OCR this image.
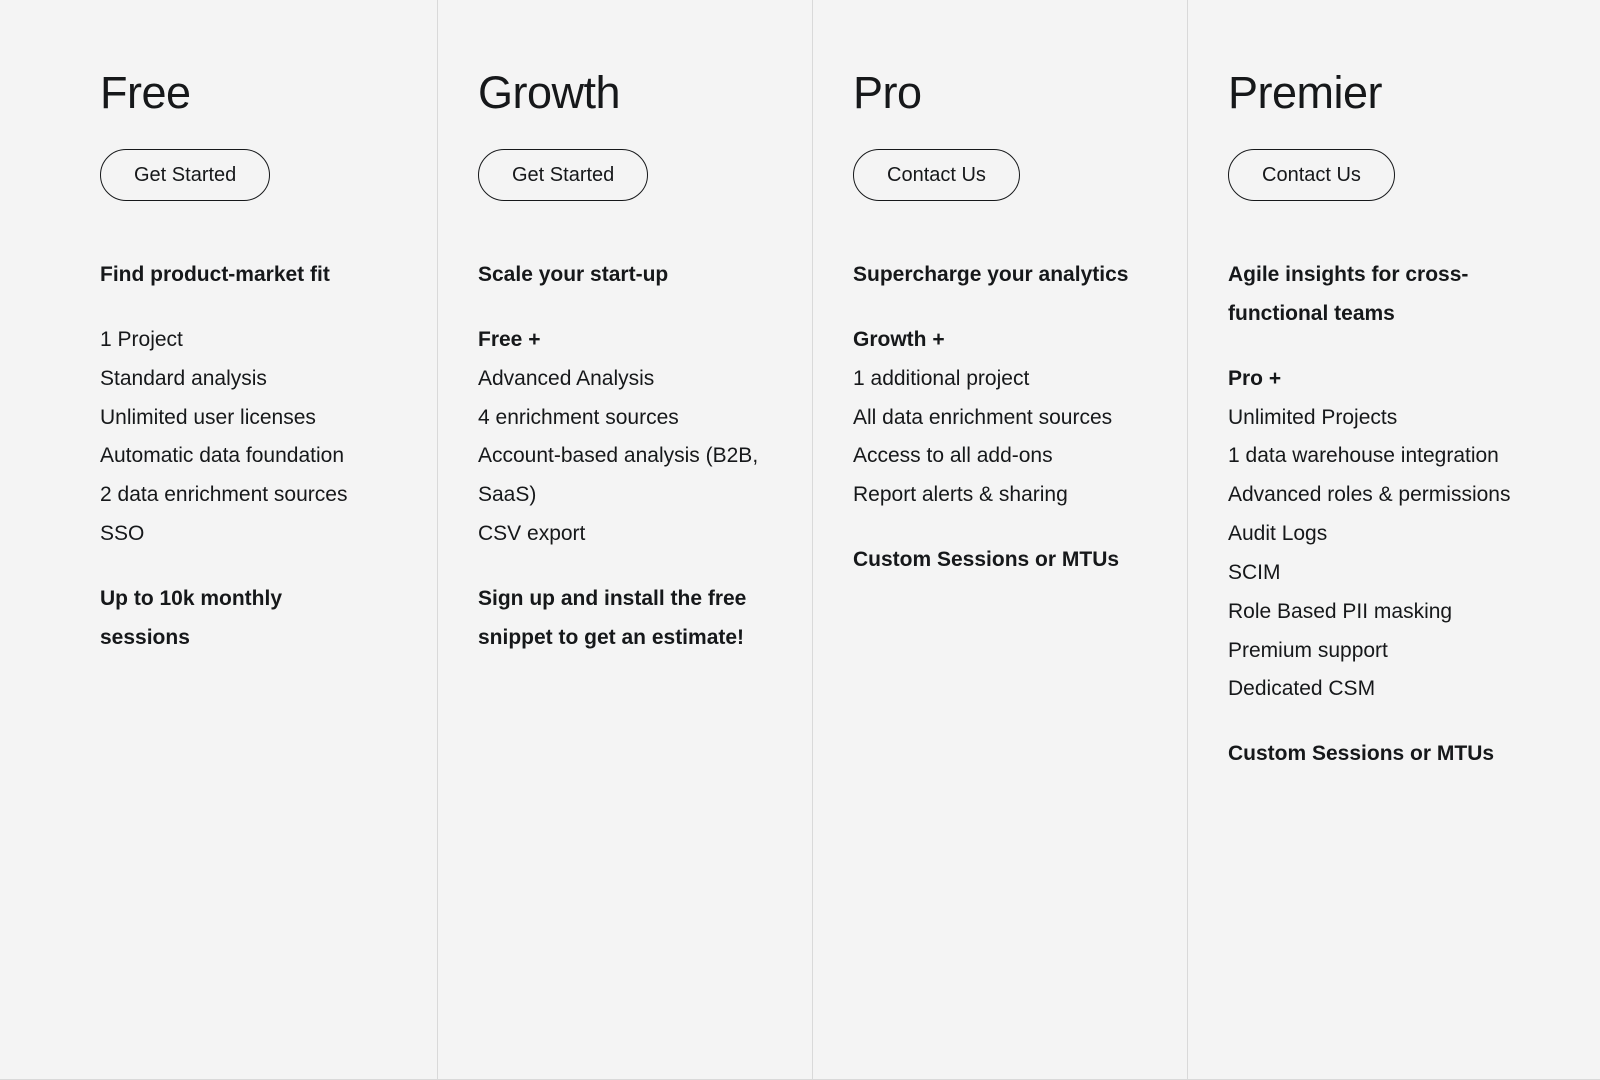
Free
Get Started
Find product-market fit
1 Project
Standard analysis
Unlimited user licenses
Automatic data foundation
2 data enrichment sources
SSO
Up to 10k monthly sessions
Growth
Get Started
Scale your start-up
Free +
Advanced Analysis
4 enrichment sources
Account-based analysis (B2B, SaaS)
CSV export
Sign up and install the free snippet to get an estimate!
Pro
Contact Us
Supercharge your analytics
Growth +
1 additional project
All data enrichment sources
Access to all add-ons
Report alerts & sharing
Custom Sessions or MTUs
Premier
Contact Us
Agile insights for cross-functional teams
Pro +
Unlimited Projects
1 data warehouse integration
Advanced roles & permissions
Audit Logs
SCIM
Role Based PII masking
Premium support
Dedicated CSM
Custom Sessions or MTUs
